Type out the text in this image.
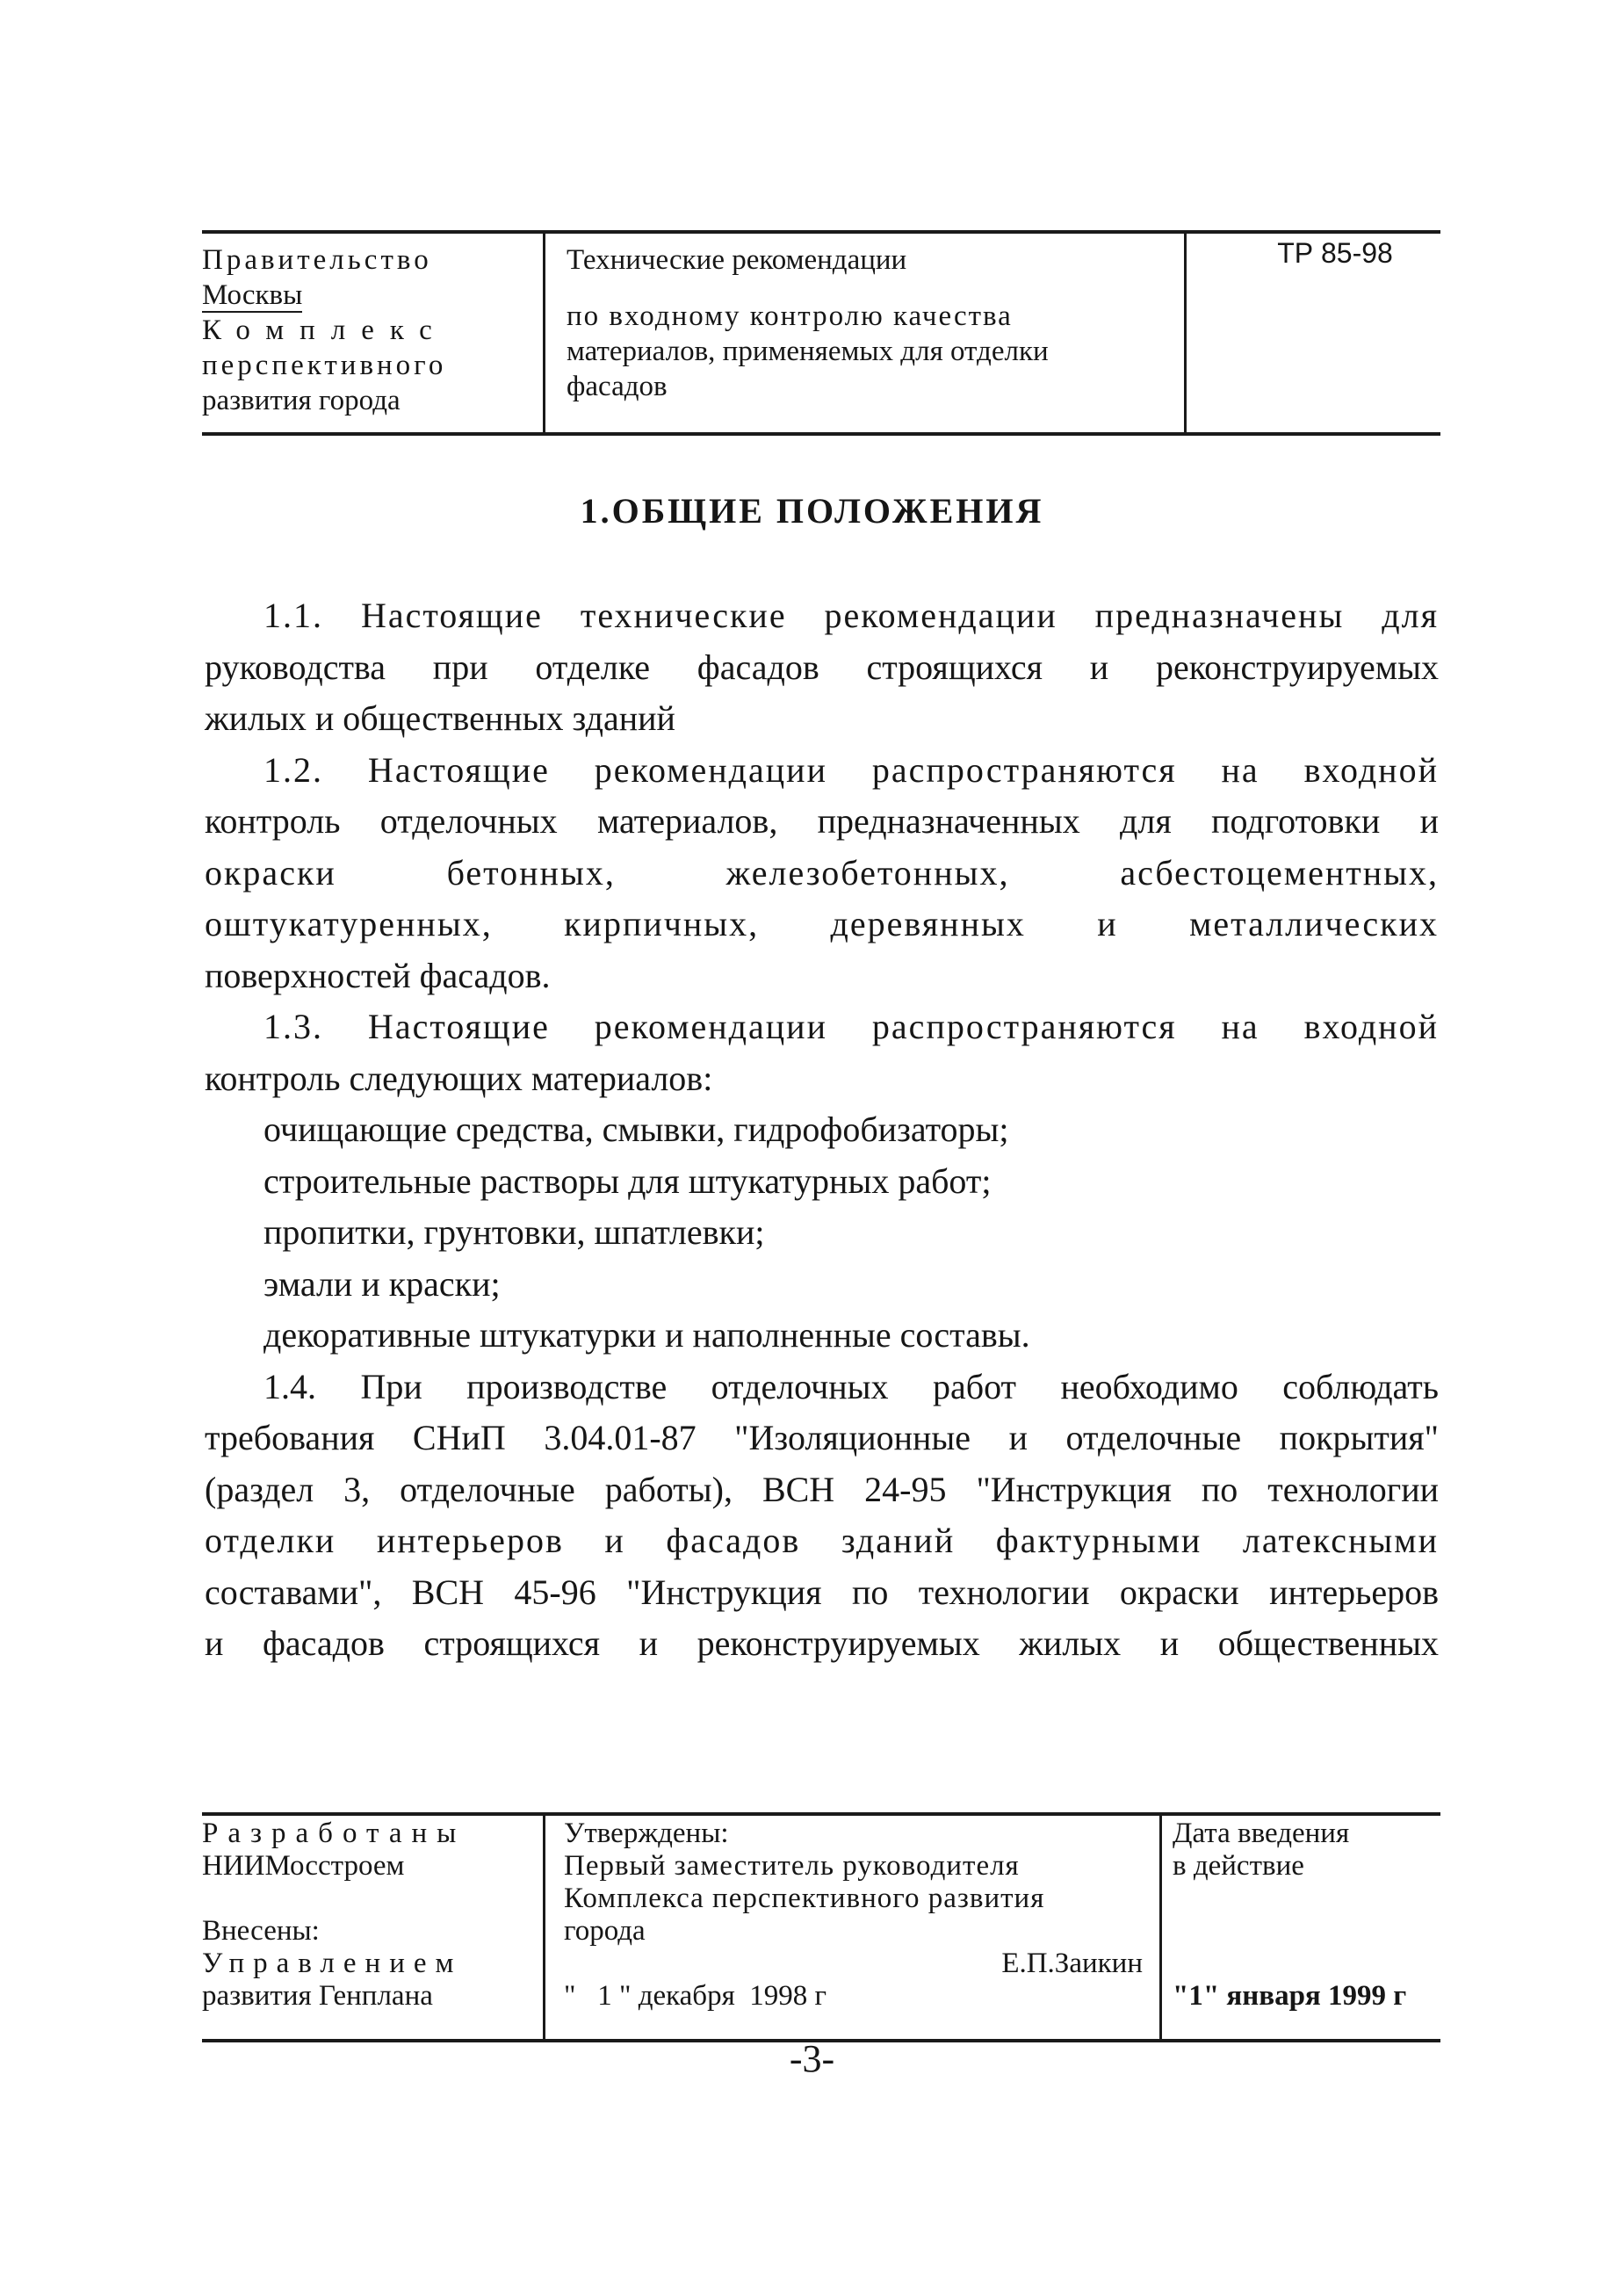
Правительство
Москвы
Комплекс
перспективного
развития города
Технические рекомендации
по входному контролю качества
материалов, применяемых для отделки
фасадов
ТР 85-98
1.ОБЩИЕ ПОЛОЖЕНИЯ

1.1. Настоящие технические рекомендации предназначены для

руководства при отделке фасадов строящихся и реконструируемых

жилых и общественных зданий

1.2. Настоящие рекомендации распространяются на входной

контроль отделочных материалов, предназначенных для подготовки и

окраски бетонных, железобетонных, асбестоцементных,

оштукатуренных, кирпичных, деревянных и металлических

поверхностей фасадов.

1.3. Настоящие рекомендации распространяются на входной

контроль следующих материалов:

очищающие средства, смывки, гидрофобизаторы;

строительные растворы для штукатурных работ;

пропитки, грунтовки, шпатлевки;

эмали и краски;

декоративные штукатурки и наполненные составы.

1.4. При производстве отделочных работ необходимо соблюдать

требования СНиП 3.04.01-87 "Изоляционные и отделочные покрытия"

(раздел 3, отделочные работы), ВСН 24-95 "Инструкция по технологии

отделки интерьеров и фасадов зданий фактурными латексными

составами", ВСН 45-96 "Инструкция по технологии окраски интерьеров

и фасадов строящихся и реконструируемых жилых и общественных

Разработаны
НИИМосстроем
Внесены:
Управлением
развития Генплана
Утверждены:
Первый заместитель руководителя
Комплекса перспективного развития
города
Е.П.Заикин
"   1 " декабря  1998 г
Дата введения
в действие
"1" января 1999 г
-3-
